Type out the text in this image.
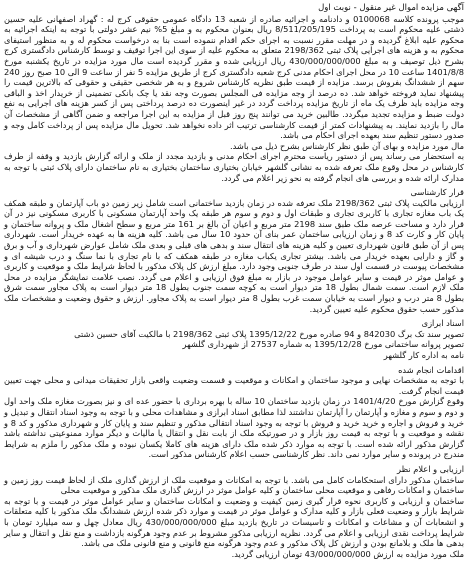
آگهی مزایده اموال غیر منقول - نوبت اول

موجب پرونده کلاسه 0100068 و دادنامه و اجرائیه صادره از شعبه 13 دادگاه عمومی حقوقی کرج له : گهراد اصفهانی علیه حسین ذشتی علیه محکوم است به پرداخت 8/511/205/195 ریال بعنوان محکوم به و مبلغ 5% نیم عشر دولتی با توجه به اینکه اجرائیه به محکوم علیه ابلاغ گردیده و در مهلت مقرر نسبت به اجرای حکم اقدام ننموده است بنا به درخواست محکوم له و به منظور استیفای محکوم به و هزینه های اجرایی پلاک ثبتی 2198/362 متعلق به محکوم علیه از سوی این اجرا توقیف و توسط کارشناس دادگستری کرج بشرح ذیل توصیف و به مبلغ 430/000/000/000 ریال ارزیابی شده و مقرر گردیده است مال مورد مزایده در تاریخ یکشنبه مورخ 1401/8/8 ساعت 10 در محل اجرای احکام مدنی کرج شعبه دادگستری کرج از طریق مزایده 5 نفر از ساعت 9 الی 10 صبح روز 240 سهم از ششدانگ بفروش برسد. مزایده از قیمت طبق نظریه کارشناس شروع و به هر شخصی حقیقی و حقوقی که بالاترین قیمت را پیشنهاد نماید فروخته خواهد شد. ده درصد از وجه مزایده فی المجلس بصورت وجه نقد یا چک بانکی تضمینی از خریدار اخذ و الباقی وجه مزایده باید ظرف یک ماه از تاریخ مزایده پرداخت گردد در غیر اینصورت ده درصد پرداختی پس از کسر هزینه های اجرایی به نفع دولت ضبط و مزایده تجدید میگردد. طالبین خرید می توانند پنج روز قبل از مزایده به این اجرا مراجعه و ضمن آگاهی از مشخصات آن مال را بازدید نمایند. به پیشنهادات کمتر از قیمت کارشناسی ترتیب اثر داده نخواهد شد. تحویل مال مزایده پس از پرداخت کامل وجه و صدور دستور تنظیم سند بعهده اجرای احکام می باشد.

مال مورد مزایده و بهای آن طبق نظر کارشناس بشرح ذیل می باشد.

به استحضار می رساند پس از دستور ریاست محترم اجرای احکام مدنی و بازدید مجدد از ملک و ارائه گزارش بازدید و وقفه از طرف کارشناس در محل وقوع ملک تعرفه شده به نشانی گلشهر خیابان بختیاری ساختمان بختیاری به نام ساختمان دارای پلاک ثبتی با توجه به مدارک ارائه شده و بررسی های انجام گرفته به نحو زیر اعلام می گردد.

قرار کارشناسی

ارزیابی مالکیت پلاک ثبتی 2198/362 ملک تعرفه شده در زمان بازدید ساختمانی است شامل زیر زمین دو باب آپارتمان و طبقه همکف یک باب مغازه تجاری با کاربری تجاری و طبقات اول و دوم و سوم هر طبقه یک واحد آپارتمان مسکونی با کاربری مسکونی نیز در آن قرار دارد و مساحت عرصه ملک طبق سند 2198 متر مربع و اعیان آن بالغ بر 161 متر مربع و سطح اشغال ملک و پروانه ساختمان و پایان کار و کارت کد 8 و زمان ارزیابی ساختمان عمر بنای آن حدود 10 سال می باشد. کلیه هزینه ها به عهده خریدار است. شهرداری پس از آن طبق قانون شهرداری تعیین و کلیه هزینه های انتقال سند و بدهی های قبلی و بعدی ملک شامل عوارض شهرداری و آب و برق و گاز و دارایی بعهده خریدار می باشد. بیشتر تجاری یکباب مغازه در طبقه همکف که با نام تجاری با نما سنگ و درب شیشه ای و مشخصات پیوست در قسمت اول سند در طرف جنوبی وجود دارد. مبلغ ارزش کل پلاک مذکور با لحاظ شرایط ملک و موقعیت و کاربری و عوامل موثر در قیمت و سایر عوامل موجود در بازار به مبلغ فوق ارزیابی و اعلام می گردد. نصب علامت نمایشگر مزایده در محل ملک لازم است. سمت شمال بطول 18 متر دیوار است به کوچه سمت جنوب بطول 18 متر دیوار است به پلاک مجاور سمت شرق بطول 8 متر درب و دیوار است به خیابان سمت غرب بطول 8 متر دیوار است به پلاک مجاور. ارزش و حقوق وضعیت و مشخصات ملک مذکور حسب حقوق محکوم علیه تعیین گردید.

اسناد ابرازی

تصویر سند تک برگ 842030 و 94 صادره مورخ 1395/12/22 پلاک ثبتی 2198/362 با مالکیت آقای حسین ذشتی

تصویر پروانه ساختمانی مورخ 1395/12/28 به شماره 27537 از شهرداری گلشهر

نامه به اداره کار گلشهر

اقدامات انجام شده

با توجه به مشخصات نهایی و موجود ساختمان و امکانات و موقعیت و قسمت وضعیت واقعی بازار تحقیقات میدانی و محلی جهت تعیین قیمت انجام گرفت.

وقوع گزارش مورخ 1401/4/20 در زمان بازدید ساختمان 10 ساله با بهره برداری با حضور عده ای و نیز بصورت مغازه ملک واحد اول و دوم و سوم و مغازه و آپارتمان را آپارتمان نداشتند لذا مطابق اسناد ابرازی و مشاهدات محلی و با توجه به وجود اسناد انتقال و تبدیل و خرید و فروش و اجاره و خرید خرید و فروش با توجه به وجود اسناد انتقالی مذکور و تنظیم سند و پایان کار و شهرداری مذکور و کد 8 و نقشه و موقعیت و با توجه به قیمت روز بازار و در صورتیکه ملک از بابت نقل و انتقال یا مالیات و دیگر موارد ممنوعیتی نداشته باشد گزارش مذکور ارائه شده است. با توجه به موارد ذکر شده ملک دارای هزینه های کاملا یکسان نبوده و ملک مذکور را ملزم به شرایط مندرج در پرونده و سایر موارد نمی داند. نظر کارشناسی حسب اعلام کارشناس مذکور است.

ارزیابی و اعلام نظر

ساختمان مذکور دارای استحکامات کامل می باشد. با توجه به امکانات و موقعیت ملک از ارزش گذاری ملک از لحاظ قیمت روز زمین و ساختمان و امکانات رفاهی و موقعیت محلی ساختمان و کلیه عوامل موثر در ارزش گذاری ملک مذکور و موقعیت محلی

ساختمان و ارزیابی و کاربری نحوه قرار گیری زمین کیفیت و وضعیت و امکانات ساختمان و سایر عوامل موثر در قیمت و با توجه به شرایط بازار و وضعیت فعلی بازار و کلیه مدارک و عوامل موثر در قیمت و موارد ذکر شده ارزش ششدانگ ملک مذکور با کلیه متعلقات و انشعابات آن و مشاعات و امکانات و تاسیسات در تاریخ بازدید مبلغ 430/000/000/000 ریال معادل چهل و سه میلیارد تومان با شرایط پرداخت نقدی ارزیابی و اعلام می گردد. نظریه ارزیابی مذکور مشروط بر عدم وجود هرگونه بازداشت و منع نقل و انتقال و سایر بدهی ها ملک و بلامانع بودن و ارزش کل پلاک مذکور و عدم وجود هرگونه منع قانونی و منع قانونی ملک می باشد.

ملک مورد مزایده به ارزش 43/000/000/000 تومان ارزیابی گردید.
